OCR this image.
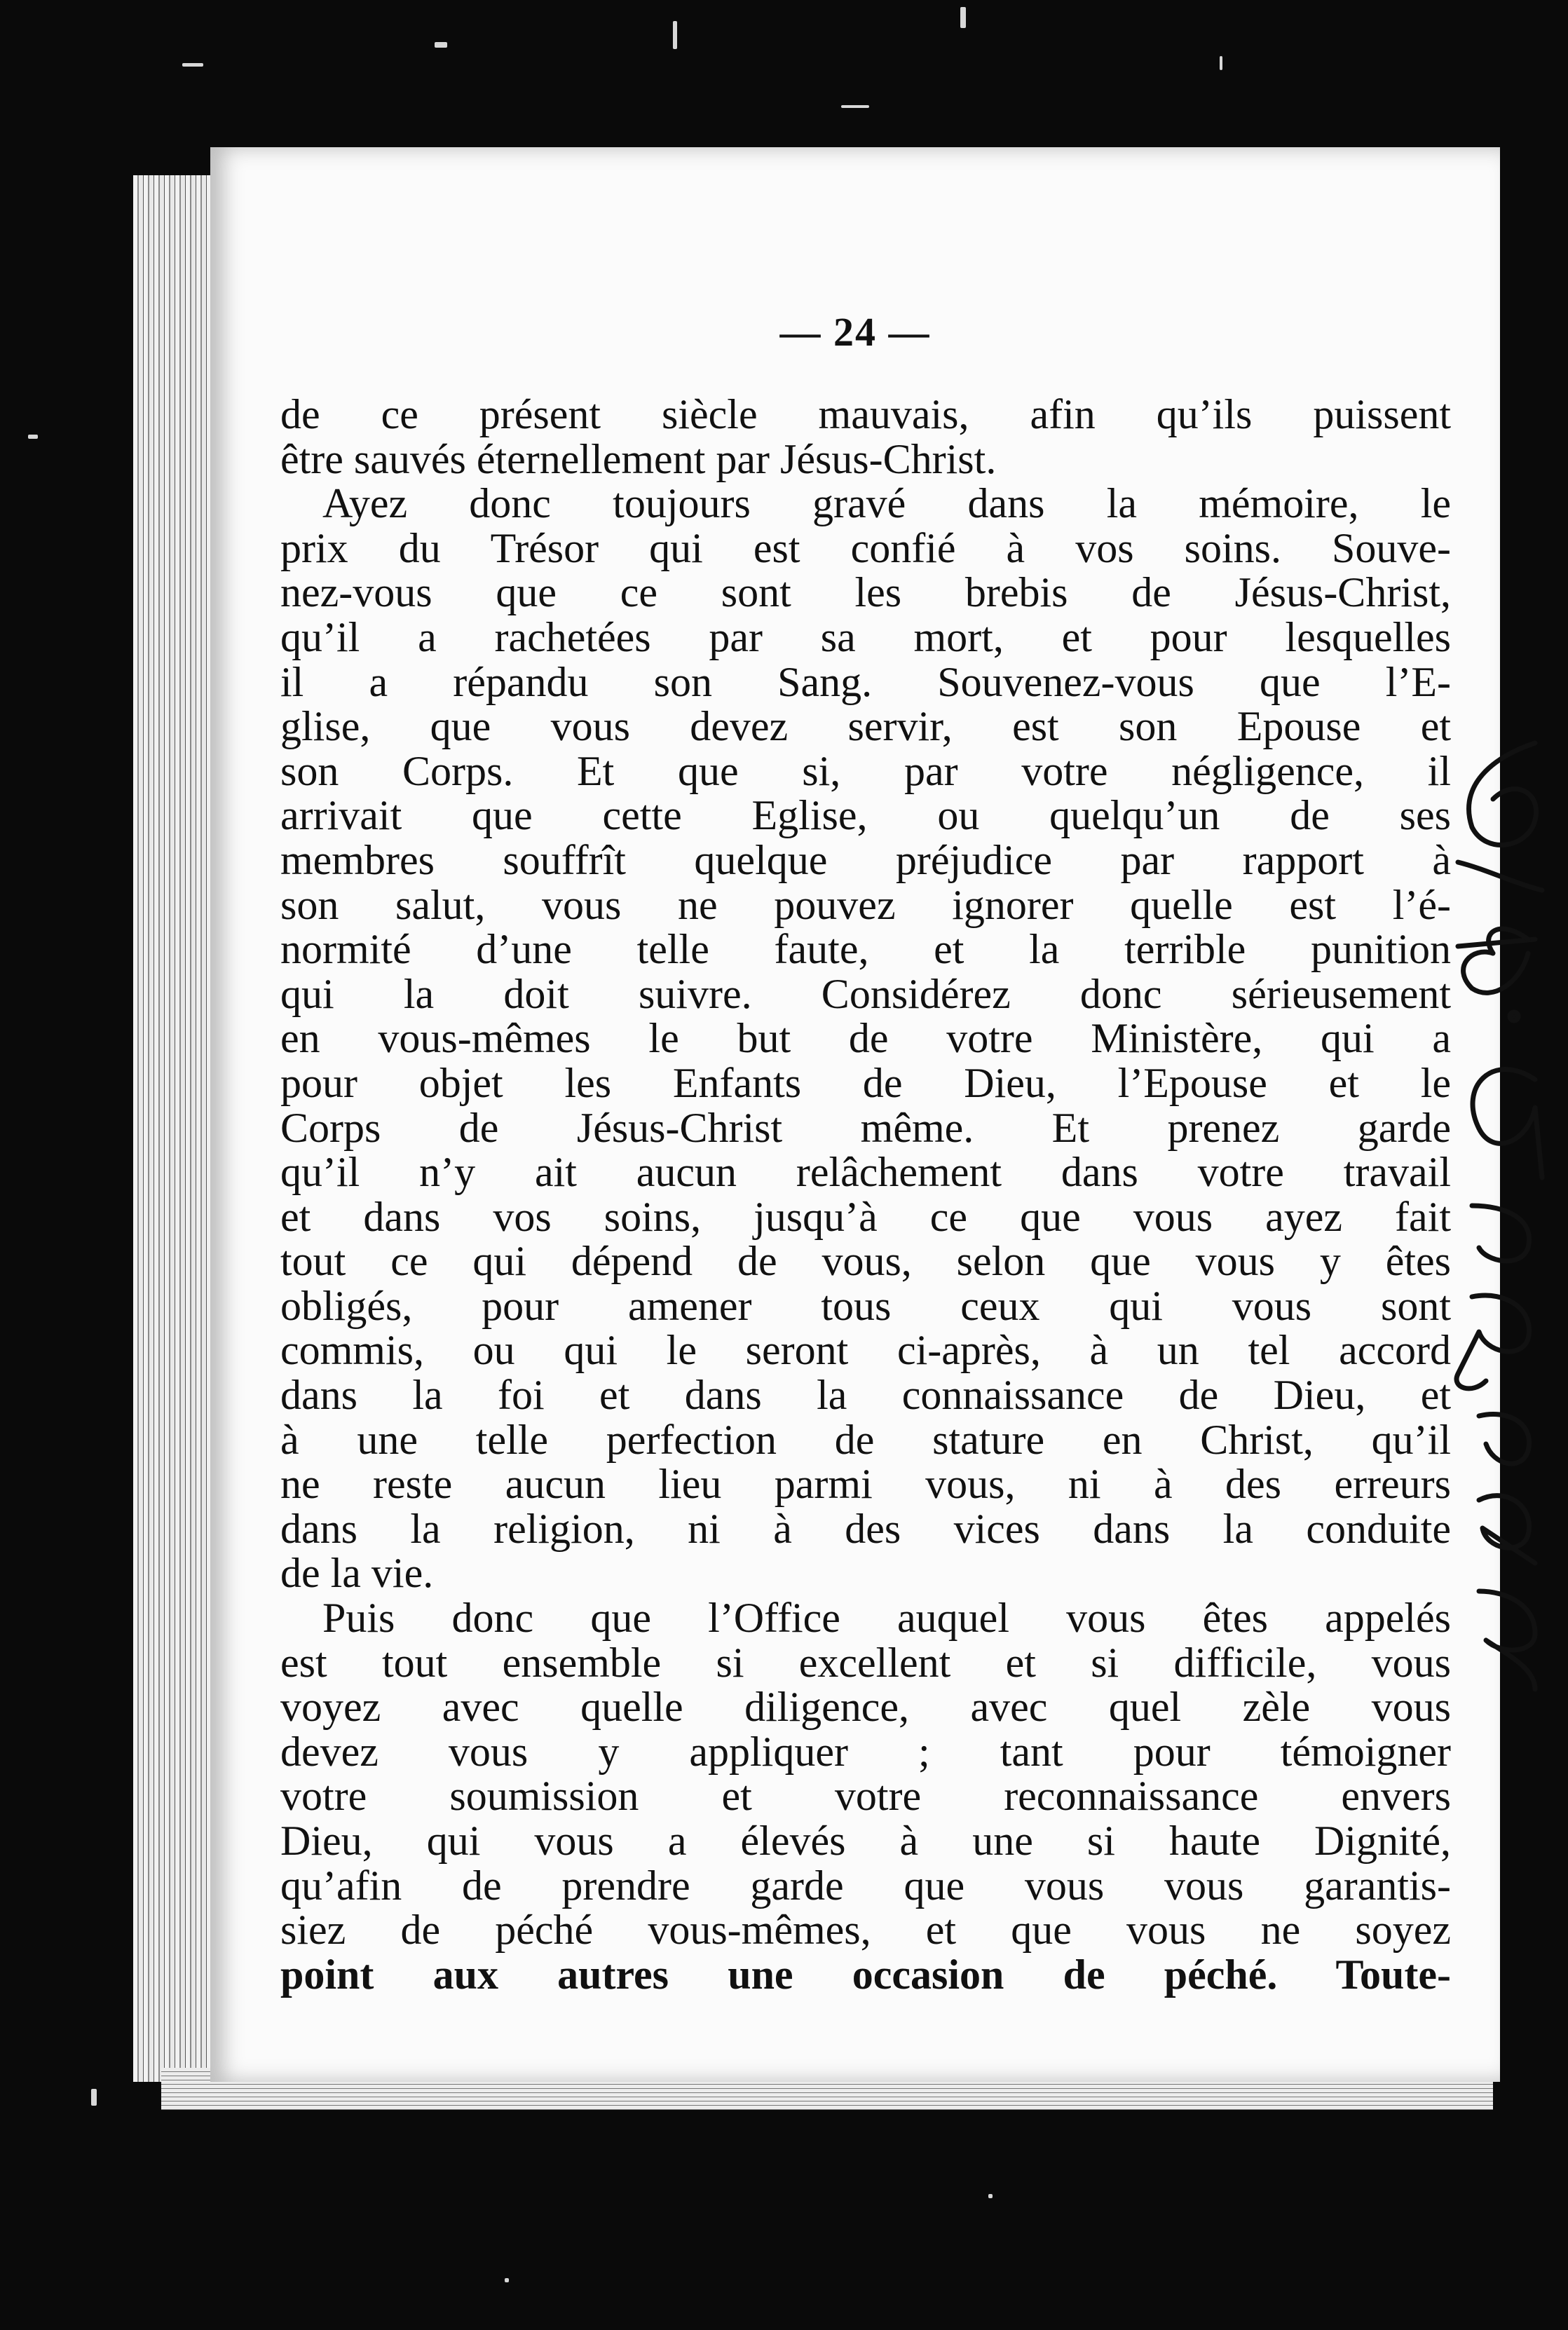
— 24 —
de ce présent siècle mauvais, afin qu’ils puissent
être sauvés éternellement par Jésus-Christ.
Ayez donc toujours gravé dans la mémoire, le
prix du Trésor qui est confié à vos soins. Souve-
nez-vous que ce sont les brebis de Jésus-Christ,
qu’il a rachetées par sa mort, et pour lesquelles
il a répandu son Sang. Souvenez-vous que l’E-
glise, que vous devez servir, est son Epouse et
son Corps. Et que si, par votre négligence, il
arrivait que cette Eglise, ou quelqu’un de ses
membres souffrît quelque préjudice par rapport à
son salut, vous ne pouvez ignorer quelle est l’é-
normité d’une telle faute, et la terrible punition
qui la doit suivre. Considérez donc sérieusement
en vous-mêmes le but de votre Ministère, qui a
pour objet les Enfants de Dieu, l’Epouse et le
Corps de Jésus-Christ même. Et prenez garde
qu’il n’y ait aucun relâchement dans votre travail
et dans vos soins, jusqu’à ce que vous ayez fait
tout ce qui dépend de vous, selon que vous y êtes
obligés, pour amener tous ceux qui vous sont
commis, ou qui le seront ci-après, à un tel accord
dans la foi et dans la connaissance de Dieu, et
à une telle perfection de stature en Christ, qu’il
ne reste aucun lieu parmi vous, ni à des erreurs
dans la religion, ni à des vices dans la conduite
de la vie.
Puis donc que l’Office auquel vous êtes appelés
est tout ensemble si excellent et si difficile, vous
voyez avec quelle diligence, avec quel zèle vous
devez vous y appliquer ; tant pour témoigner
votre soumission et votre reconnaissance envers
Dieu, qui vous a élevés à une si haute Dignité,
qu’afin de prendre garde que vous vous garantis-
siez de péché vous-mêmes, et que vous ne soyez
point aux autres une occasion de péché. Toute-
